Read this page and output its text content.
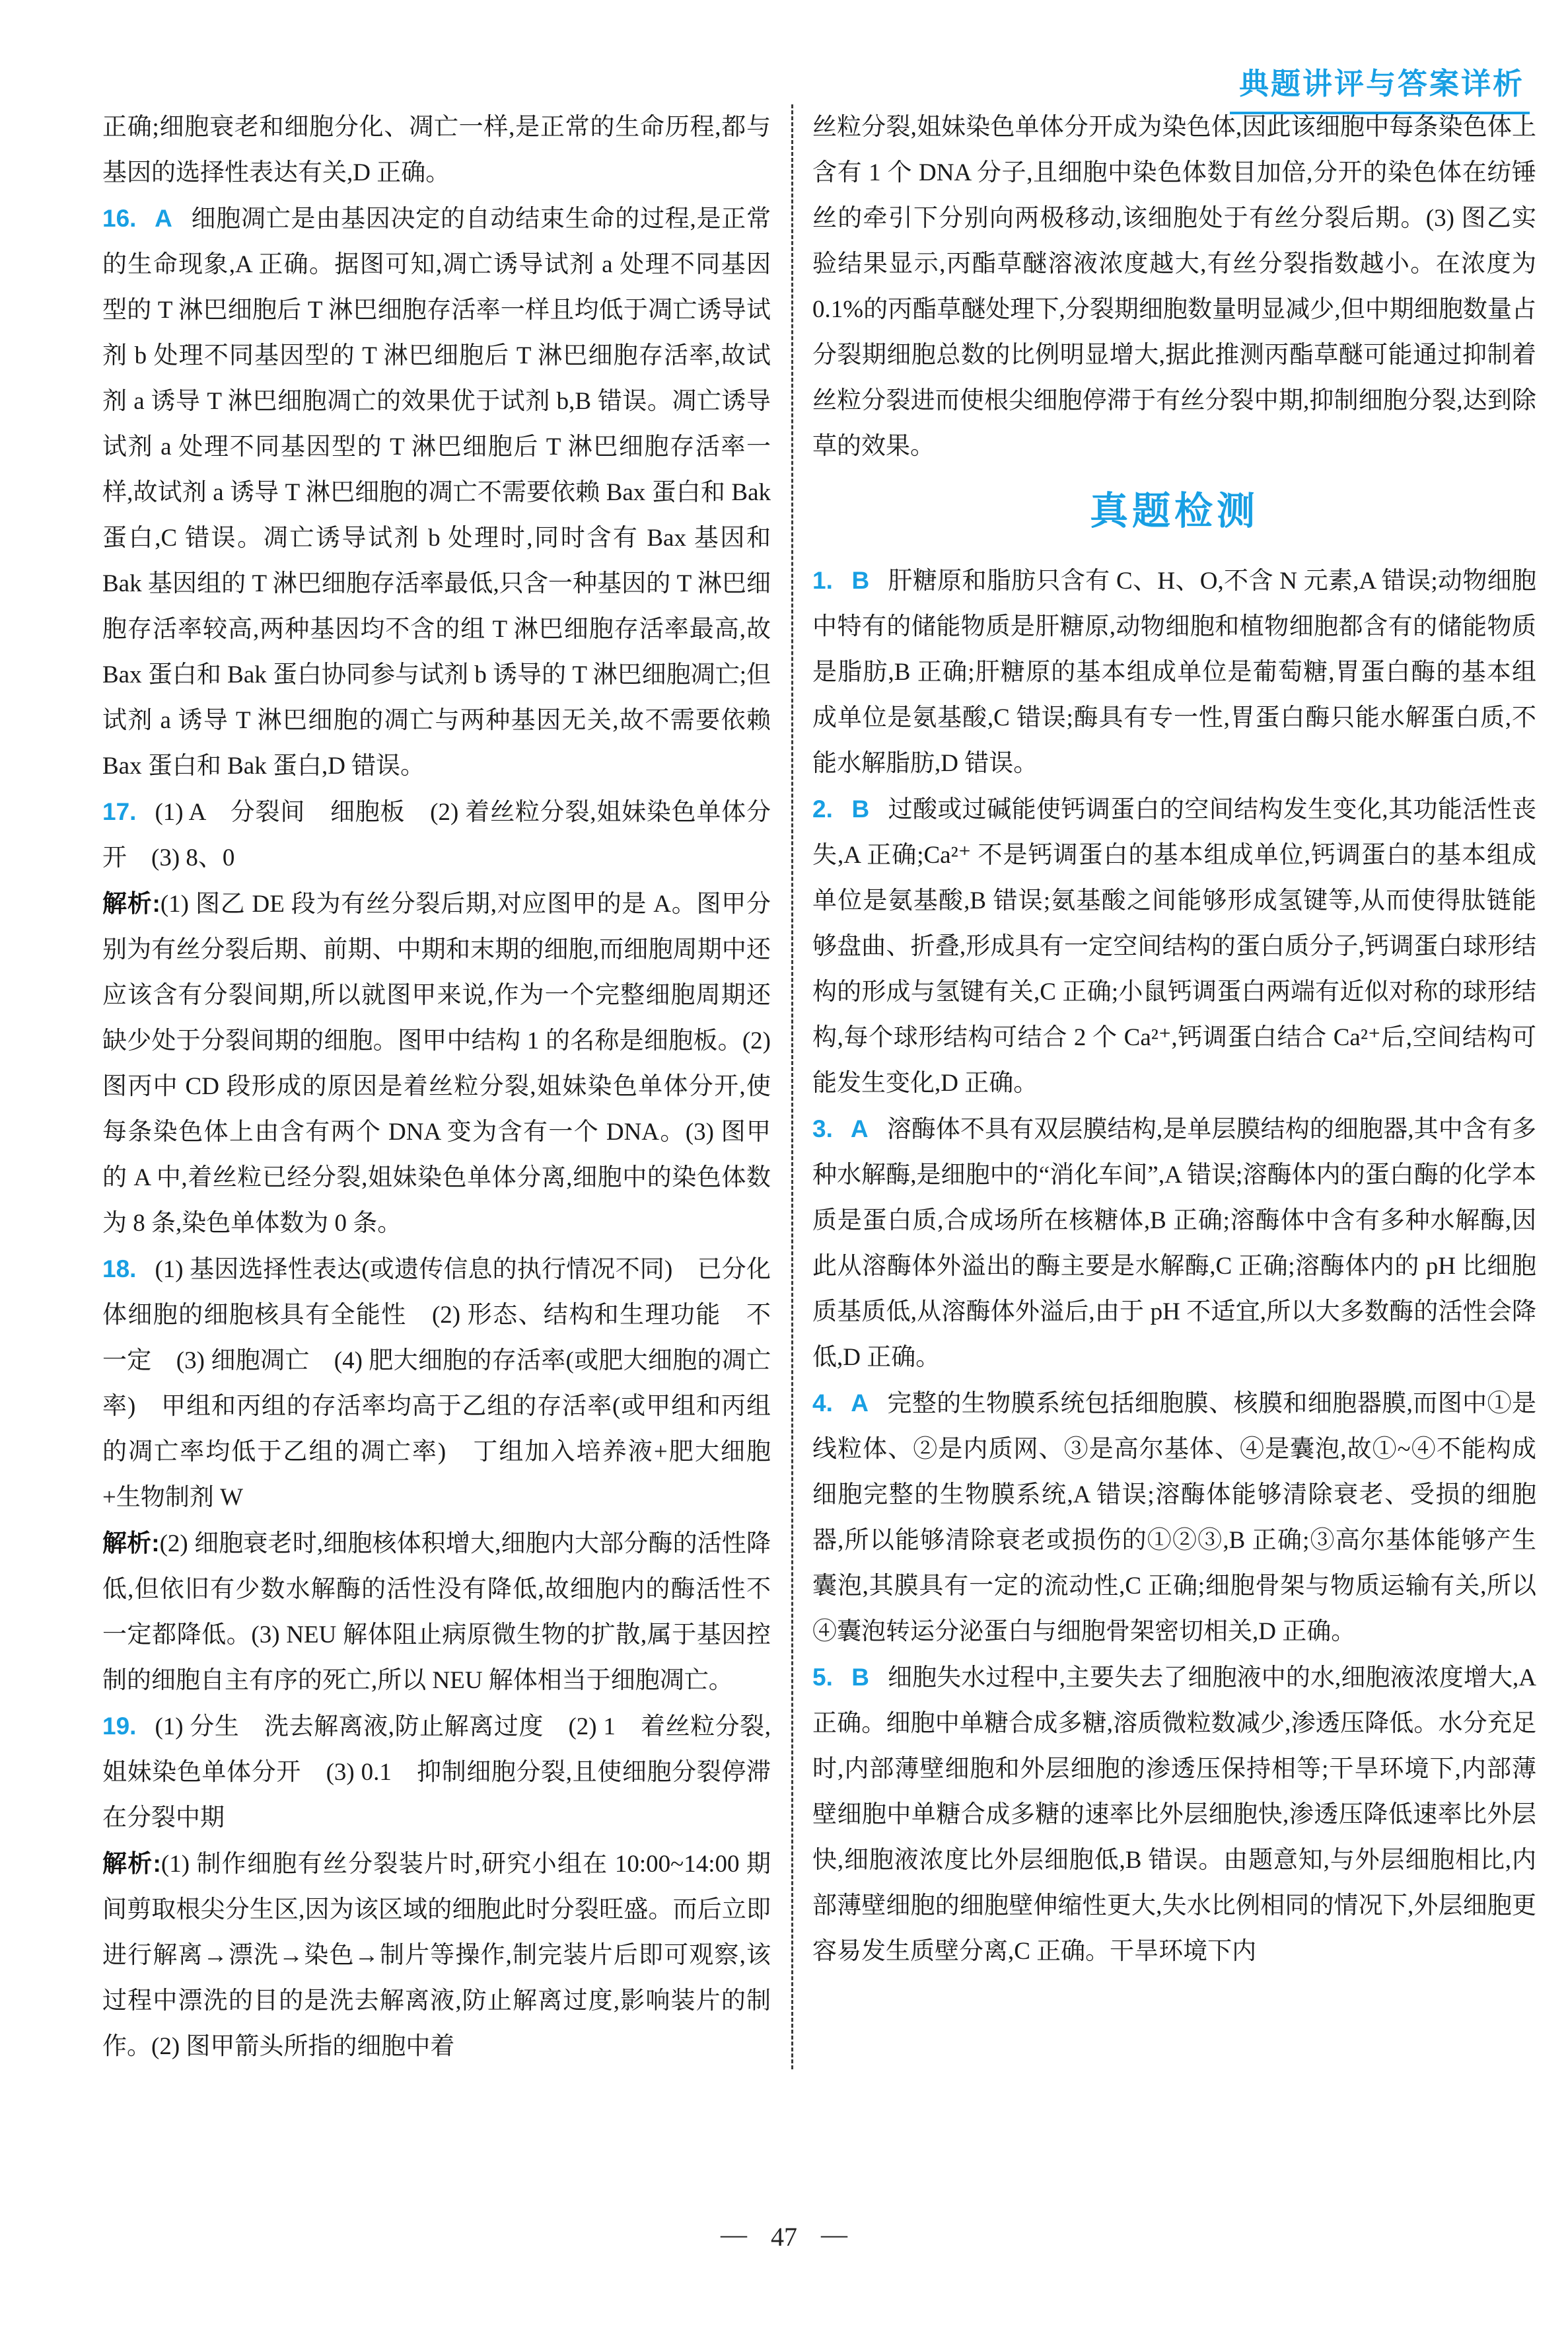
典题讲评与答案详析

正确;细胞衰老和细胞分化、凋亡一样,是正常的生命历程,都与基因的选择性表达有关,D 正确。

16. A 细胞凋亡是由基因决定的自动结束生命的过程,是正常的生命现象,A 正确。据图可知,凋亡诱导试剂 a 处理不同基因型的 T 淋巴细胞后 T 淋巴细胞存活率一样且均低于凋亡诱导试剂 b 处理不同基因型的 T 淋巴细胞后 T 淋巴细胞存活率,故试剂 a 诱导 T 淋巴细胞凋亡的效果优于试剂 b,B 错误。凋亡诱导试剂 a 处理不同基因型的 T 淋巴细胞后 T 淋巴细胞存活率一样,故试剂 a 诱导 T 淋巴细胞的凋亡不需要依赖 Bax 蛋白和 Bak 蛋白,C 错误。凋亡诱导试剂 b 处理时,同时含有 Bax 基因和 Bak 基因组的 T 淋巴细胞存活率最低,只含一种基因的 T 淋巴细胞存活率较高,两种基因均不含的组 T 淋巴细胞存活率最高,故 Bax 蛋白和 Bak 蛋白协同参与试剂 b 诱导的 T 淋巴细胞凋亡;但试剂 a 诱导 T 淋巴细胞的凋亡与两种基因无关,故不需要依赖 Bax 蛋白和 Bak 蛋白,D 错误。

17. (1) A　分裂间　细胞板　(2) 着丝粒分裂,姐妹染色单体分开　(3) 8、0

解析:(1) 图乙 DE 段为有丝分裂后期,对应图甲的是 A。图甲分别为有丝分裂后期、前期、中期和末期的细胞,而细胞周期中还应该含有分裂间期,所以就图甲来说,作为一个完整细胞周期还缺少处于分裂间期的细胞。图甲中结构 1 的名称是细胞板。(2) 图丙中 CD 段形成的原因是着丝粒分裂,姐妹染色单体分开,使每条染色体上由含有两个 DNA 变为含有一个 DNA。(3) 图甲的 A 中,着丝粒已经分裂,姐妹染色单体分离,细胞中的染色体数为 8 条,染色单体数为 0 条。

18. (1) 基因选择性表达(或遗传信息的执行情况不同)　已分化体细胞的细胞核具有全能性　(2) 形态、结构和生理功能　不一定　(3) 细胞凋亡　(4) 肥大细胞的存活率(或肥大细胞的凋亡率)　甲组和丙组的存活率均高于乙组的存活率(或甲组和丙组的凋亡率均低于乙组的凋亡率)　丁组加入培养液+肥大细胞+生物制剂 W

解析:(2) 细胞衰老时,细胞核体积增大,细胞内大部分酶的活性降低,但依旧有少数水解酶的活性没有降低,故细胞内的酶活性不一定都降低。(3) NEU 解体阻止病原微生物的扩散,属于基因控制的细胞自主有序的死亡,所以 NEU 解体相当于细胞凋亡。

19. (1) 分生　洗去解离液,防止解离过度　(2) 1　着丝粒分裂,姐妹染色单体分开　(3) 0.1　抑制细胞分裂,且使细胞分裂停滞在分裂中期

解析:(1) 制作细胞有丝分裂装片时,研究小组在 10:00~14:00 期间剪取根尖分生区,因为该区域的细胞此时分裂旺盛。而后立即进行解离→漂洗→染色→制片等操作,制完装片后即可观察,该过程中漂洗的目的是洗去解离液,防止解离过度,影响装片的制作。(2) 图甲箭头所指的细胞中着

丝粒分裂,姐妹染色单体分开成为染色体,因此该细胞中每条染色体上含有 1 个 DNA 分子,且细胞中染色体数目加倍,分开的染色体在纺锤丝的牵引下分别向两极移动,该细胞处于有丝分裂后期。(3) 图乙实验结果显示,丙酯草醚溶液浓度越大,有丝分裂指数越小。在浓度为 0.1%的丙酯草醚处理下,分裂期细胞数量明显减少,但中期细胞数量占分裂期细胞总数的比例明显增大,据此推测丙酯草醚可能通过抑制着丝粒分裂进而使根尖细胞停滞于有丝分裂中期,抑制细胞分裂,达到除草的效果。

真题检测

1. B 肝糖原和脂肪只含有 C、H、O,不含 N 元素,A 错误;动物细胞中特有的储能物质是肝糖原,动物细胞和植物细胞都含有的储能物质是脂肪,B 正确;肝糖原的基本组成单位是葡萄糖,胃蛋白酶的基本组成单位是氨基酸,C 错误;酶具有专一性,胃蛋白酶只能水解蛋白质,不能水解脂肪,D 错误。

2. B 过酸或过碱能使钙调蛋白的空间结构发生变化,其功能活性丧失,A 正确;Ca²⁺ 不是钙调蛋白的基本组成单位,钙调蛋白的基本组成单位是氨基酸,B 错误;氨基酸之间能够形成氢键等,从而使得肽链能够盘曲、折叠,形成具有一定空间结构的蛋白质分子,钙调蛋白球形结构的形成与氢键有关,C 正确;小鼠钙调蛋白两端有近似对称的球形结构,每个球形结构可结合 2 个 Ca²⁺,钙调蛋白结合 Ca²⁺后,空间结构可能发生变化,D 正确。

3. A 溶酶体不具有双层膜结构,是单层膜结构的细胞器,其中含有多种水解酶,是细胞中的“消化车间”,A 错误;溶酶体内的蛋白酶的化学本质是蛋白质,合成场所在核糖体,B 正确;溶酶体中含有多种水解酶,因此从溶酶体外溢出的酶主要是水解酶,C 正确;溶酶体内的 pH 比细胞质基质低,从溶酶体外溢后,由于 pH 不适宜,所以大多数酶的活性会降低,D 正确。

4. A 完整的生物膜系统包括细胞膜、核膜和细胞器膜,而图中①是线粒体、②是内质网、③是高尔基体、④是囊泡,故①~④不能构成细胞完整的生物膜系统,A 错误;溶酶体能够清除衰老、受损的细胞器,所以能够清除衰老或损伤的①②③,B 正确;③高尔基体能够产生囊泡,其膜具有一定的流动性,C 正确;细胞骨架与物质运输有关,所以④囊泡转运分泌蛋白与细胞骨架密切相关,D 正确。

5. B 细胞失水过程中,主要失去了细胞液中的水,细胞液浓度增大,A 正确。细胞中单糖合成多糖,溶质微粒数减少,渗透压降低。水分充足时,内部薄壁细胞和外层细胞的渗透压保持相等;干旱环境下,内部薄壁细胞中单糖合成多糖的速率比外层细胞快,渗透压降低速率比外层快,细胞液浓度比外层细胞低,B 错误。由题意知,与外层细胞相比,内部薄壁细胞的细胞壁伸缩性更大,失水比例相同的情况下,外层细胞更容易发生质壁分离,C 正确。干旱环境下内

— 47 —
